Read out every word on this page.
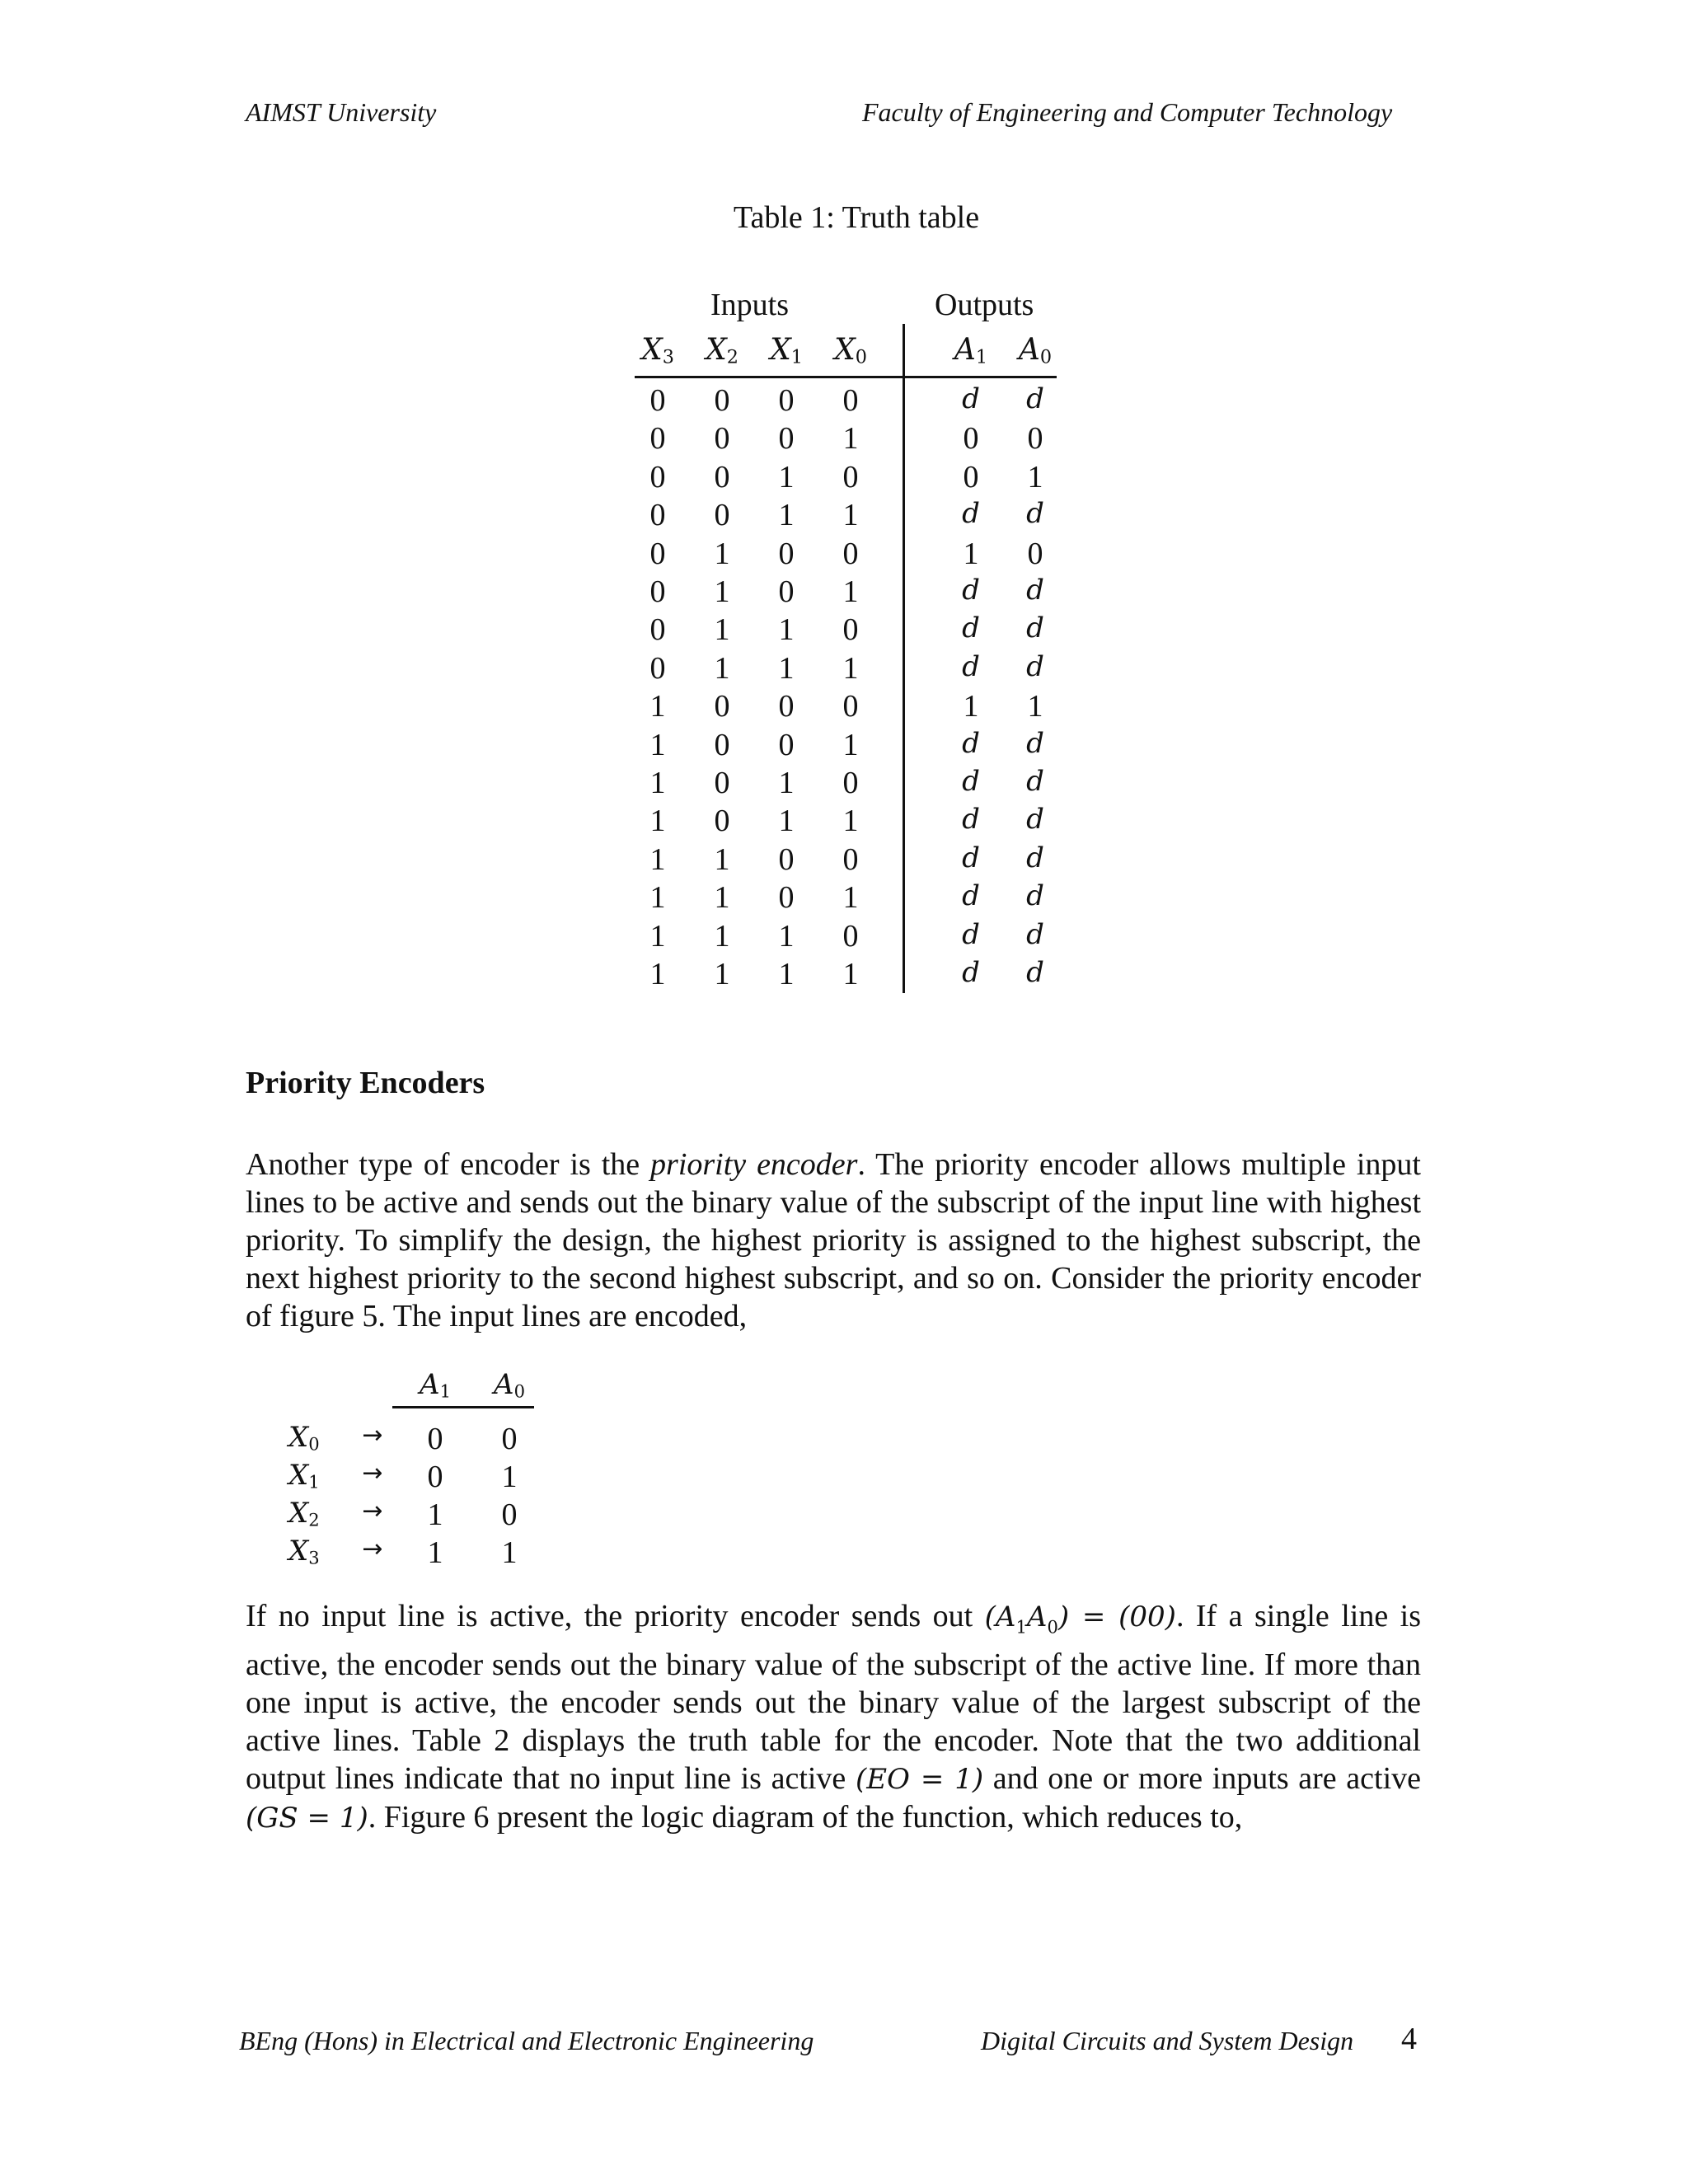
AIMST University	Faculty of Engineering and Computer Technology
Table 1: Truth table
Inputs	Outputs
$X_3$ $X_2$ $X_1$ $X_0$	$A_1$ $A_0$
0	0	0	0	d	d
0	0	0	1	0	0
0	0	1	0	0	1
0	0	1	1	d	d
0	1	0	0	1	0
0	1	0	1	d	d
0	1	1	0	d	d
0	1	1	1	d	d
1	0	0	0	1	1
1	0	0	1	d	d
1	0	1	0	d	d
1	0	1	1	d	d
1	1	0	0	d	d
1	1	0	1	d	d
1	1	1	0	d	d
1	1	1	1	d	d
Priority Encoders
Another type of encoder is the priority encoder. The priority encoder allows multiple input lines to be active and sends out the binary value of the subscript of the input line with highest priority. To simplify the design, the highest priority is assigned to the highest subscript, the next highest priority to the second highest subscript, and so on. Consider the priority encoder of figure 5. The input lines are encoded,
$A_1$	$A_0$
$X_0$	→	0	0
$X_1$	→	0	1
$X_2$	→	1	0
$X_3$	→	1	1
If no input line is active, the priority encoder sends out $(A_1A_0) = (00)$. If a single line is active, the encoder sends out the binary value of the subscript of the active line. If more than one input is active, the encoder sends out the binary value of the largest subscript of the active lines. Table 2 displays the truth table for the encoder. Note that the two additional output lines indicate that no input line is active (EO = 1) and one or more inputs are active (GS = 1). Figure 6 present the logic diagram of the function, which reduces to,
BEng (Hons) in Electrical and Electronic Engineering	Digital Circuits and System Design 4
